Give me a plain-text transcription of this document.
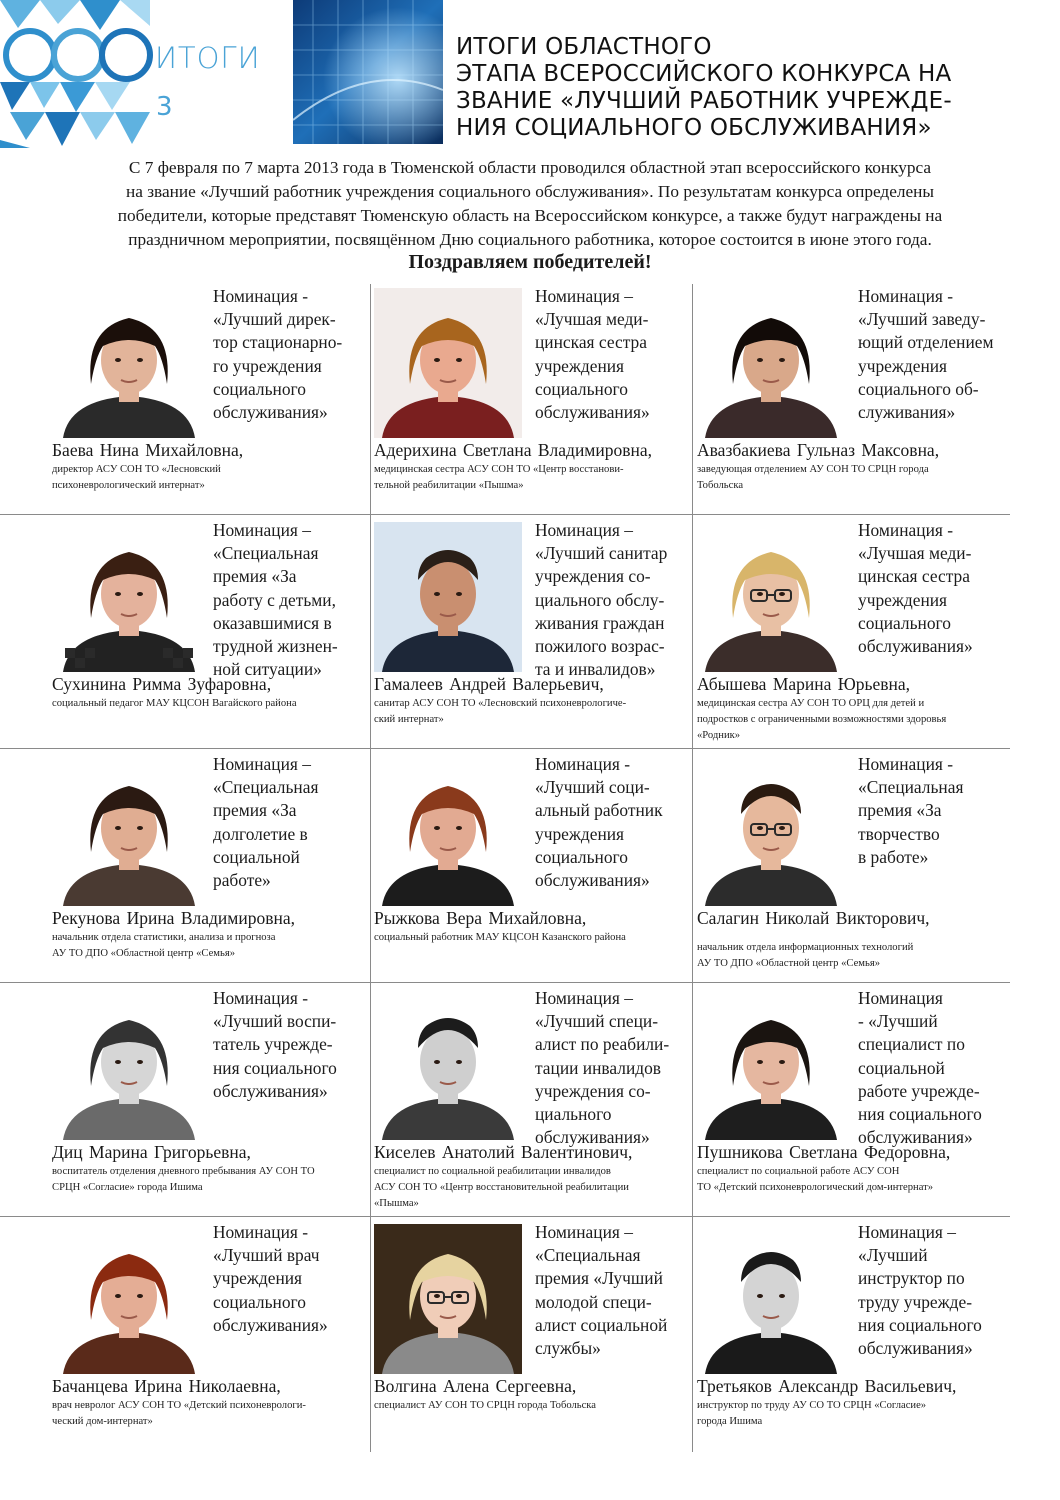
ИТОГИ
3
ИТОГИ ОБЛАСТНОГО
ЭТАПА ВСЕРОССИЙСКОГО КОНКУРСА НА
ЗВАНИЕ «ЛУЧШИЙ РАБОТНИК УЧРЕЖДЕ-
НИЯ СОЦИАЛЬНОГО ОБСЛУЖИВАНИЯ»
С 7 февраля по 7 марта 2013 года в Тюменской области проводился областной этап всероссийского конкурса
на звание «Лучший работник учреждения социального обслуживания». По результатам конкурса определены
победители, которые представят Тюменскую область на Всероссийском конкурсе, а также будут награждены на
праздничном мероприятии, посвящённом Дню социального работника, которое состоится в июне этого года.
Поздравляем победителей!
Номинация -
«Лучший дирек-
тор стационарно-
го учреждения
социального
обслуживания»
Баева Нина Михайловна,
директор АСУ СОН ТО «Лесновский
психоневрологический интернат»
Номинация –
«Лучшая меди-
цинская сестра
учреждения
социального
обслуживания»
Адерихина Светлана Владимировна,
медицинская сестра АСУ СОН ТО «Центр восстанови-
тельной реабилитации «Пышма»
Номинация -
«Лучший заведу-
ющий отделением
учреждения
социального об-
служивания»
Авазбакиева Гульназ Максовна,
заведующая отделением АУ СОН ТО СРЦН города
Тобольска
Номинация –
«Специальная
премия «За
работу с детьми,
оказавшимися в
трудной жизнен-
ной ситуации»
Сухинина Римма Зуфаровна,
социальный педагог МАУ КЦСОН Вагайского района
Номинация –
«Лучший санитар
учреждения со-
циального обслу-
живания граждан
пожилого возрас-
та и инвалидов»
Гамалеев Андрей Валерьевич,
санитар АСУ СОН ТО «Лесновский психоневрологиче-
ский интернат»
Номинация -
«Лучшая меди-
цинская сестра
учреждения
социального
обслуживания»
Абышева Марина Юрьевна,
медицинская сестра АУ СОН ТО ОРЦ для детей и
подростков с ограниченными возможностями здоровья
«Родник»
Номинация –
«Специальная
премия «За
долголетие в
социальной
работе»
Рекунова Ирина Владимировна,
начальник отдела статистики, анализа и прогноза
АУ ТО ДПО «Областной центр «Семья»
Номинация -
«Лучший соци-
альный работник
учреждения
социального
обслуживания»
Рыжкова Вера Михайловна,
социальный работник МАУ КЦСОН Казанского района
Номинация -
«Специальная
премия «За
творчество
в работе»
Салагин Николай Викторович,
начальник отдела информационных технологий
АУ ТО ДПО «Областной центр «Семья»
Номинация -
«Лучший воспи-
татель учрежде-
ния социального
обслуживания»
Диц Марина Григорьевна,
воспитатель отделения дневного пребывания АУ СОН ТО
СРЦН «Согласие» города Ишима
Номинация –
«Лучший специ-
алист по реабили-
тации инвалидов
учреждения со-
циального
обслуживания»
Киселев Анатолий Валентинович,
специалист по социальной реабилитации инвалидов
АСУ СОН ТО «Центр восстановительной реабилитации
«Пышма»
Номинация
- «Лучший
специалист по
социальной
работе учрежде-
ния социального
обслуживания»
Пушникова Светлана Федоровна,
специалист по социальной работе АСУ СОН
ТО «Детский психоневрологический дом-интернат»
Номинация -
«Лучший врач
учреждения
социального
обслуживания»
Бачанцева Ирина Николаевна,
врач невролог АСУ СОН ТО «Детский психоневрологи-
ческий дом-интернат»
Номинация –
«Специальная
премия «Лучший
молодой специ-
алист социальной
службы»
Волгина Алена Сергеевна,
специалист АУ СОН ТО СРЦН города Тобольска
Номинация –
«Лучший
инструктор по
труду учрежде-
ния социального
обслуживания»
Третьяков Александр Васильевич,
инструктор по труду АУ СО ТО СРЦН «Согласие»
города Ишима
